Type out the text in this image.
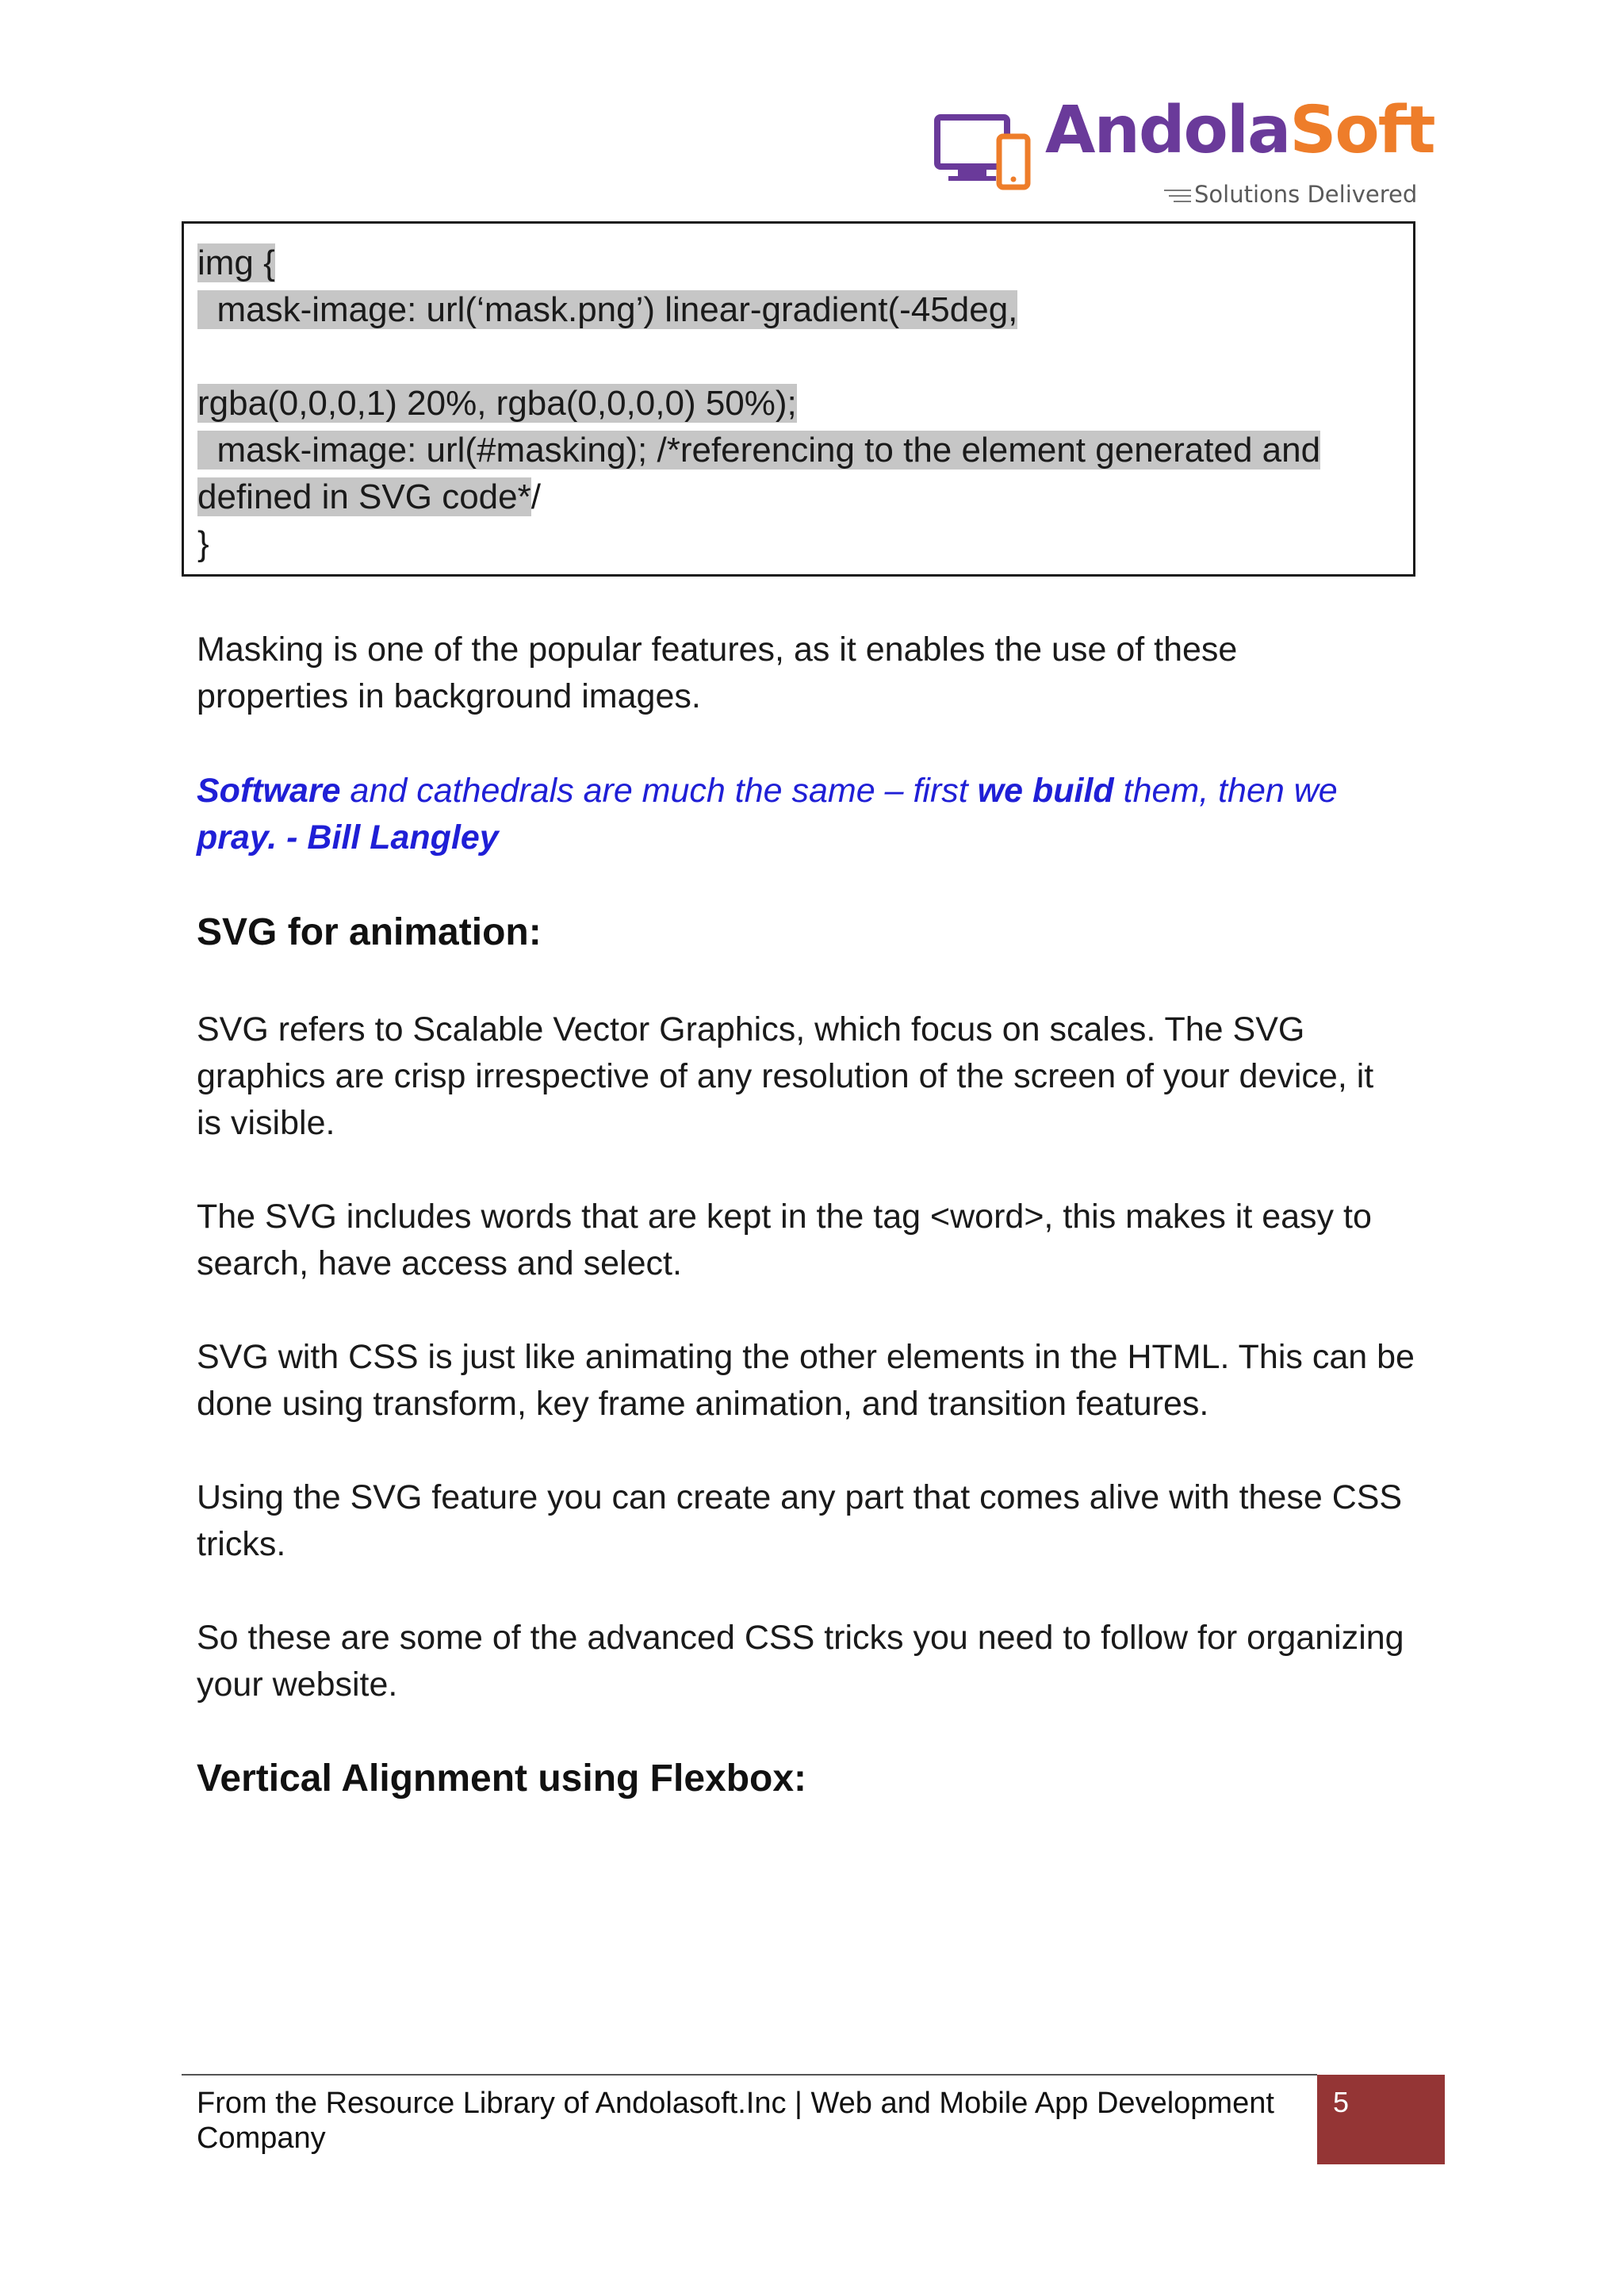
AndolaSoft
Solutions Delivered
img {
mask-image: url(‘mask.png’) linear-gradient(-45deg,
rgba(0,0,0,1) 20%, rgba(0,0,0,0) 50%);
mask-image: url(#masking); /*referencing to the element generated and
defined in SVG code*/
}
Masking is one of the popular features, as it enables the use of these
properties in background images.
Software and cathedrals are much the same – first we build them, then we
pray. - Bill Langley
SVG for animation:
SVG refers to Scalable Vector Graphics, which focus on scales. The SVG
graphics are crisp irrespective of any resolution of the screen of your device, it
is visible.
The SVG includes words that are kept in the tag <word>, this makes it easy to
search, have access and select.
SVG with CSS is just like animating the other elements in the HTML. This can be
done using transform, key frame animation, and transition features.
Using the SVG feature you can create any part that comes alive with these CSS
tricks.
So these are some of the advanced CSS tricks you need to follow for organizing
your website.
Vertical Alignment using Flexbox:
From the Resource Library of Andolasoft.Inc | Web and Mobile App Development
Company
5
